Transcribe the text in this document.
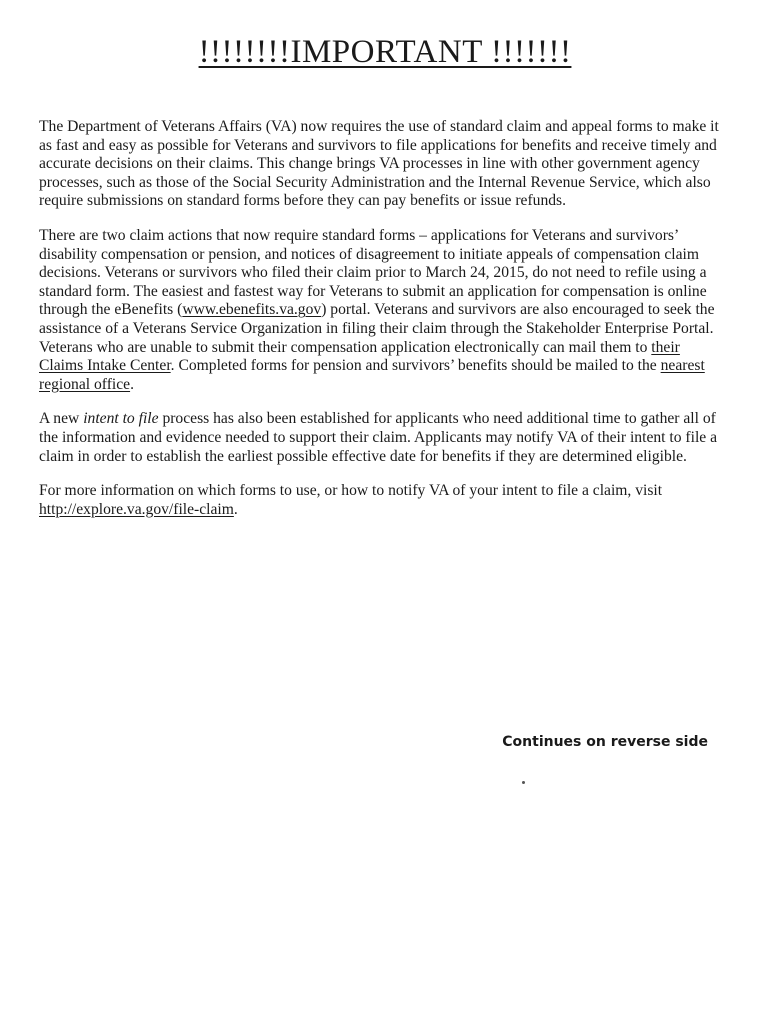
!!!!!!!!IMPORTANT !!!!!!!

The Department of Veterans Affairs (VA) now requires the use of standard claim and appeal forms to make it as fast and easy as possible for Veterans and survivors to file applications for benefits and receive timely and accurate decisions on their claims. This change brings VA processes in line with other government agency processes, such as those of the Social Security Administration and the Internal Revenue Service, which also require submissions on standard forms before they can pay benefits or issue refunds.

There are two claim actions that now require standard forms – applications for Veterans and survivors’ disability compensation or pension, and notices of disagreement to initiate appeals of compensation claim decisions. Veterans or survivors who filed their claim prior to March 24, 2015, do not need to refile using a standard form. The easiest and fastest way for Veterans to submit an application for compensation is online through the eBenefits (www.ebenefits.va.gov) portal. Veterans and survivors are also encouraged to seek the assistance of a Veterans Service Organization in filing their claim through the Stakeholder Enterprise Portal. Veterans who are unable to submit their compensation application electronically can mail them to their Claims Intake Center. Completed forms for pension and survivors’ benefits should be mailed to the nearest regional office.

A new intent to file process has also been established for applicants who need additional time to gather all of the information and evidence needed to support their claim. Applicants may notify VA of their intent to file a claim in order to establish the earliest possible effective date for benefits if they are determined eligible.

For more information on which forms to use, or how to notify VA of your intent to file a claim, visit http://explore.va.gov/file-claim.

Continues on reverse side
